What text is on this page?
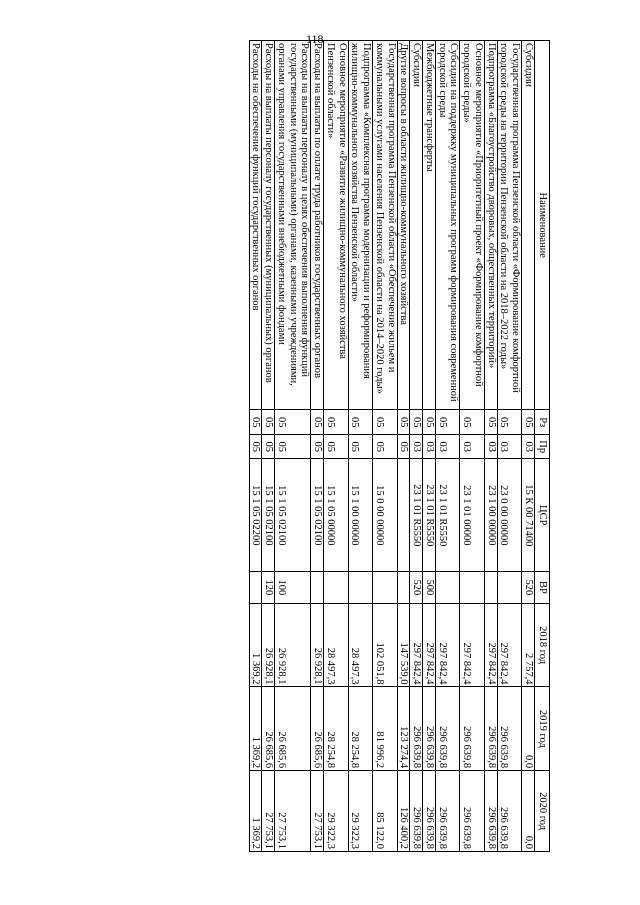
118
Наименование	Рз	Пр	ЦСР	ВР	2018 год	2019 год	2020 год
Субсидии	05	03	15 К 00 71400	520	2 757,4	0,0	0,0
Государственная программа Пензенской области «Формирование комфортной городской среды на территории Пензенской области на 2018–2022 годы»	05	03	23 0 00 00000		297 842,4	296 639,8	296 639,8
Подпрограмма «Благоустройство дворовых, общественных территорий»	05	03	23 1 00 00000		297 842,4	296 639,8	296 639,8
Основное мероприятие «Приоритетный проект «Формирование комфортной городской среды»	05	03	23 1 01 00000		297 842,4	296 639,8	296 639,8
Субсидии на поддержку муниципальных программ формирования современной городской среды	05	03	23 1 01 R5550		297 842,4	296 639,8	296 639,8
Межбюджетные трансферты	05	03	23 1 01 R5550	500	297 842,4	296 639,8	296 639,8
Субсидии	05	03	23 1 01 R5550	520	297 842,4	296 639,8	296 639,8
Другие вопросы в области жилищно-коммунального хозяйства	05	05			147 539,0	123 274,4	126 400,2
Государственная программа Пензенской области «Обеспечение жильем и коммунальными услугами населения Пензенской области на 2014–2020 годы»	05	05	15 0 00 00000		102 051,8	81 996,2	85 122,0
Подпрограмма «Комплексная программа модернизации и реформирования жилищно-коммунального хозяйства Пензенской области»	05	05	15 1 00 00000		28 497,3	28 254,8	29 322,3
Основное мероприятие «Развитие жилищно-коммунального хозяйства Пензенской области»	05	05	15 1 05 00000		28 497,3	28 254,8	29 322,3
Расходы на выплаты по оплате труда работников государственных органов	05	05	15 1 05 02100		26 928,1	26 685,6	27 753,1
Расходы на выплаты персоналу в целях обеспечения выполнения функций государственными (муниципальными) органами, казенными учреждениями, органами управления государственными внебюджетными фондами	05	05	15 1 05 02100	100	26 928,1	26 685,6	27 753,1
Расходы на выплаты персоналу государственных (муниципальных) органов	05	05	15 1 05 02100	120	26 928,1	26 685,6	27 753,1
Расходы на обеспечение функций государственных органов	05	05	15 1 05 02200		1 369,2	1 369,2	1 369,2
